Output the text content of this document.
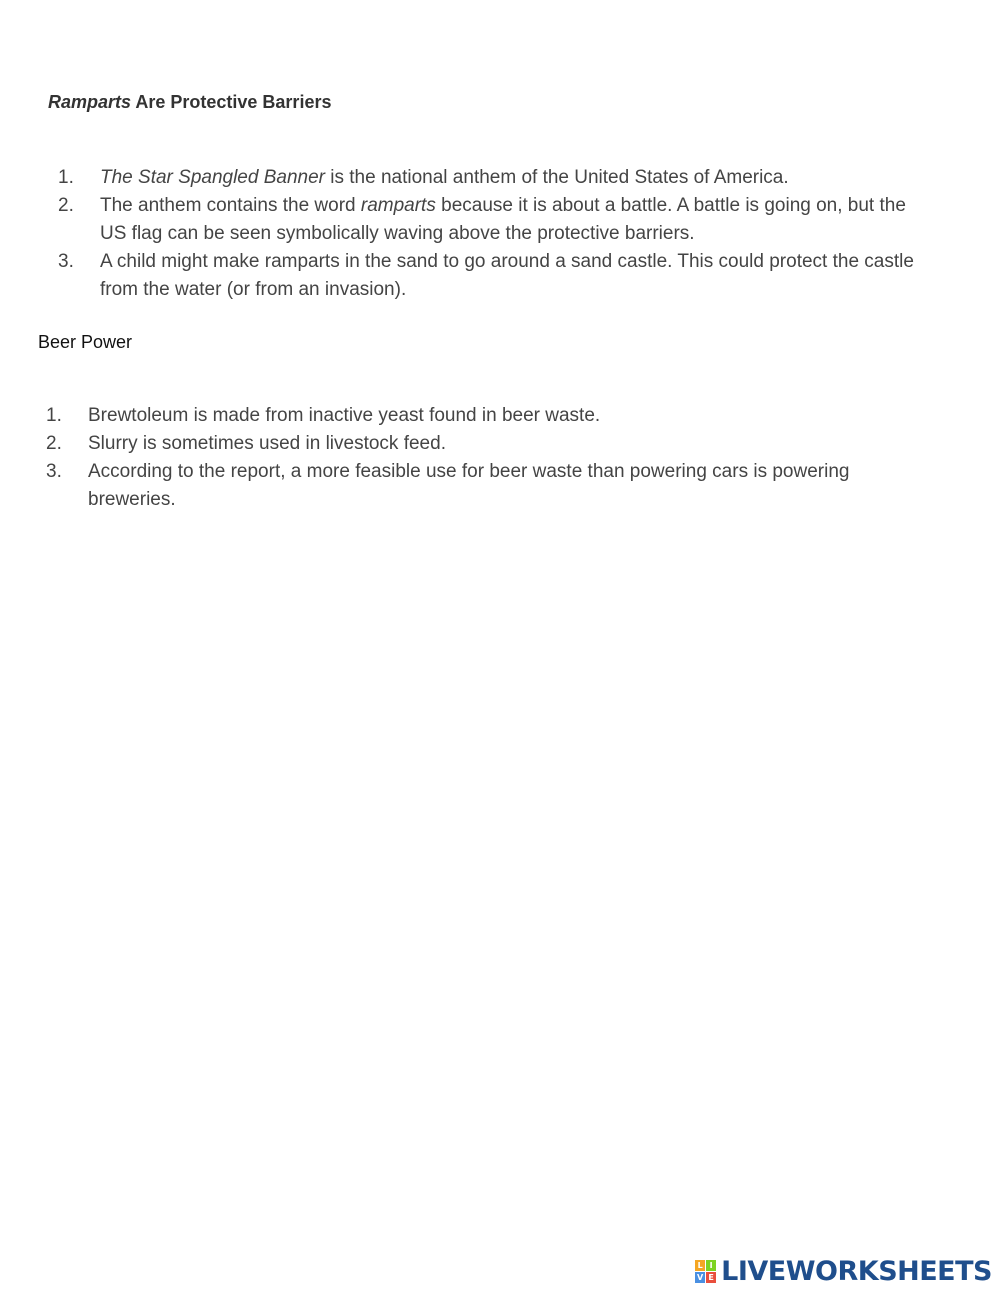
Ramparts Are Protective Barriers
1. The Star Spangled Banner is the national anthem of the United States of America.
2. The anthem contains the word ramparts because it is about a battle. A battle is going on, but the US flag can be seen symbolically waving above the protective barriers.
3. A child might make ramparts in the sand to go around a sand castle. This could protect the castle from the water (or from an invasion).
Beer Power
1. Brewtoleum is made from inactive yeast found in beer waste.
2. Slurry is sometimes used in livestock feed.
3. According to the report, a more feasible use for beer waste than powering cars is powering breweries.
L I
V E LIVEWORKSHEETS
